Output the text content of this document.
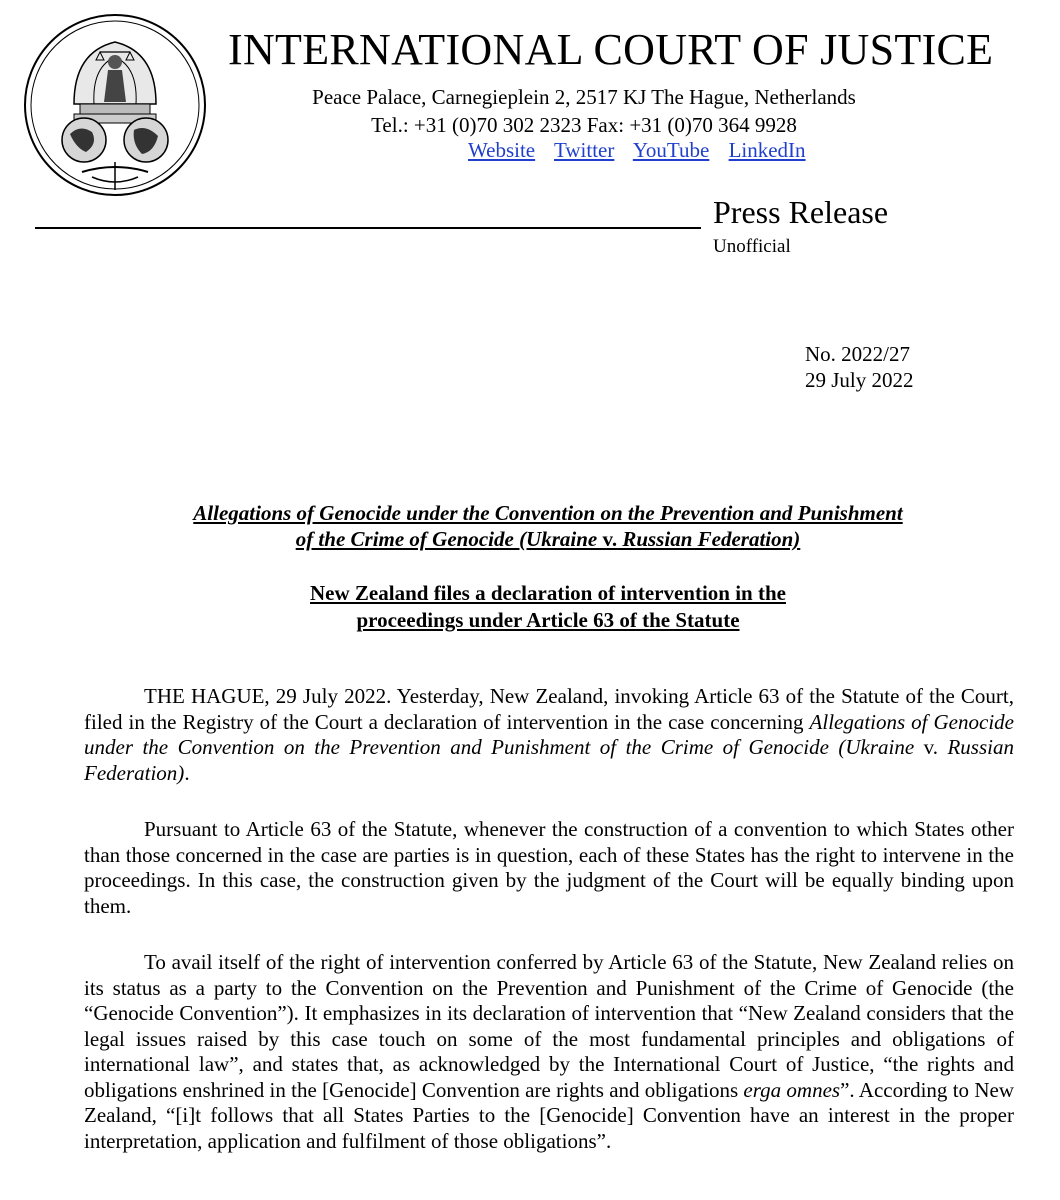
INTERNATIONAL COURT OF JUSTICE
Peace Palace, Carnegieplein 2, 2517 KJ The Hague, Netherlands
Tel.: +31 (0)70 302 2323 Fax: +31 (0)70 364 9928
Website Twitter YouTube LinkedIn
Press Release
Unofficial
No. 2022/27
29 July 2022
Allegations of Genocide under the Convention on the Prevention and Punishment
of the Crime of Genocide (Ukraine v. Russian Federation)
New Zealand files a declaration of intervention in the
proceedings under Article 63 of the Statute

THE HAGUE, 29 July 2022. Yesterday, New Zealand, invoking Article 63 of the Statute of the Court, filed in the Registry of the Court a declaration of intervention in the case concerning Allegations of Genocide under the Convention on the Prevention and Punishment of the Crime of Genocide (Ukraine v. Russian Federation).

Pursuant to Article 63 of the Statute, whenever the construction of a convention to which States other than those concerned in the case are parties is in question, each of these States has the right to intervene in the proceedings. In this case, the construction given by the judgment of the Court will be equally binding upon them.

To avail itself of the right of intervention conferred by Article 63 of the Statute, New Zealand relies on its status as a party to the Convention on the Prevention and Punishment of the Crime of Genocide (the “Genocide Convention”). It emphasizes in its declaration of intervention that “New Zealand considers that the legal issues raised by this case touch on some of the most fundamental principles and obligations of international law”, and states that, as acknowledged by the International Court of Justice, “the rights and obligations enshrined in the [Genocide] Convention are rights and obligations erga omnes”. According to New Zealand, “[i]t follows that all States Parties to the [Genocide] Convention have an interest in the proper interpretation, application and fulfilment of those obligations”.
